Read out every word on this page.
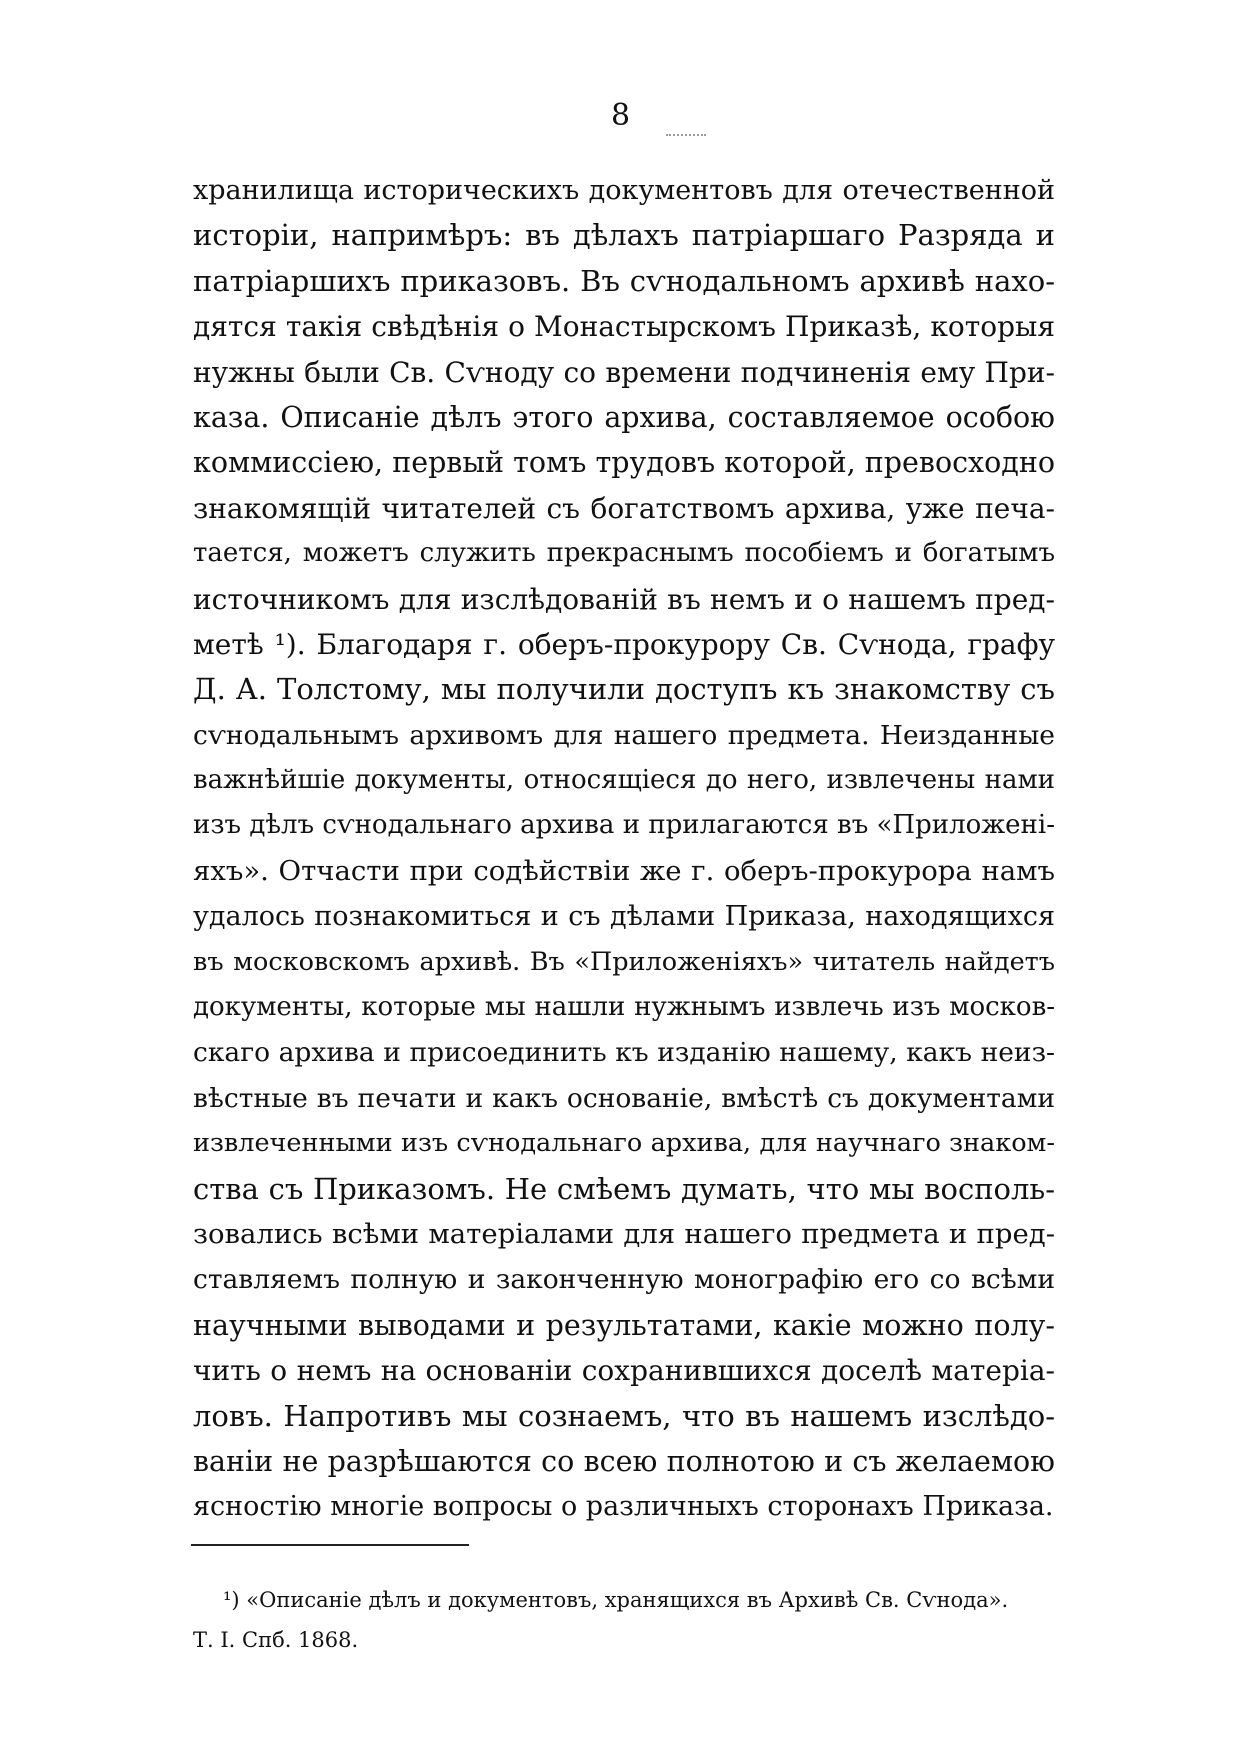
8
хранилища историческихъ документовъ для отечественной
исторіи, напримѣръ: въ дѣлахъ патріаршаго Разряда и
патріаршихъ приказовъ. Въ сѵнодальномъ архивѣ нахо-
дятся такія свѣдѣнія о Монастырскомъ Приказѣ, которыя
нужны были Св. Сѵноду со времени подчиненія ему При-
каза. Описаніе дѣлъ этого архива, составляемое особою
коммиссіею, первый томъ трудовъ которой, превосходно
знакомящій читателей съ богатствомъ архива, уже печа-
тается, можетъ служить прекраснымъ пособіемъ и богатымъ
источникомъ для изслѣдованій въ немъ и о нашемъ пред-
метѣ ¹). Благодаря г. оберъ-прокурору Св. Сѵнода, графу
Д. А. Толстому, мы получили доступъ къ знакомству съ
сѵнодальнымъ архивомъ для нашего предмета. Неизданные
важнѣйшіе документы, относящіеся до него, извлечены нами
изъ дѣлъ сѵнодальнаго архива и прилагаются въ «Приложені-
яхъ». Отчасти при содѣйствіи же г. оберъ-прокурора намъ
удалось познакомиться и съ дѣлами Приказа, находящихся
въ московскомъ архивѣ. Въ «Приложеніяхъ» читатель найдетъ
документы, которые мы нашли нужнымъ извлечь изъ москов-
скаго архива и присоединить къ изданію нашему, какъ неиз-
вѣстные въ печати и какъ основаніе, вмѣстѣ съ документами
извлеченными изъ сѵнодальнаго архива, для научнаго знаком-
ства съ Приказомъ. Не смѣемъ думать, что мы восполь-
зовались всѣми матеріалами для нашего предмета и пред-
ставляемъ полную и законченную монографію его со всѣми
научными выводами и результатами, какіе можно полу-
чить о немъ на основаніи сохранившихся доселѣ матеріа-
ловъ. Напротивъ мы сознаемъ, что въ нашемъ изслѣдо-
ваніи не разрѣшаются со всею полнотою и съ желаемою
ясностію многіе вопросы о различныхъ сторонахъ Приказа.
¹) «Описаніе дѣлъ и документовъ, хранящихся въ Архивѣ Св. Сѵнода».
Т. I. Спб. 1868.
